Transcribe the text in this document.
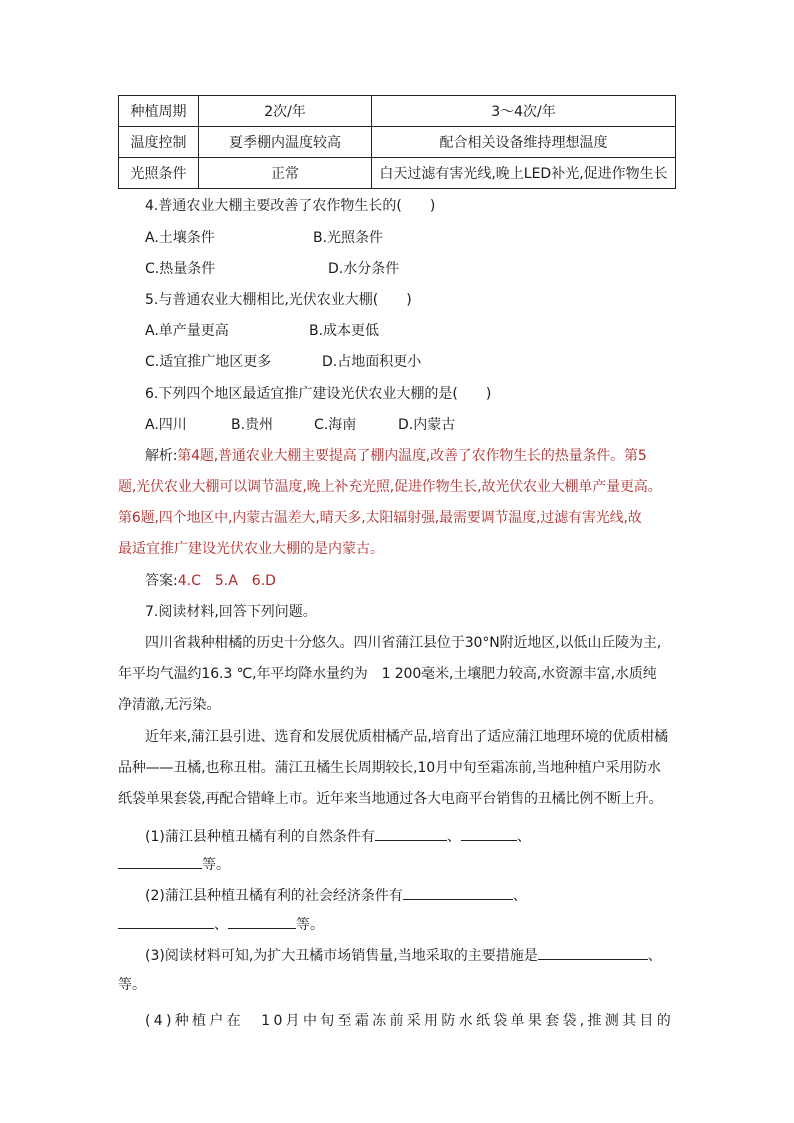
种植周期	2次/年	3～4次/年
温度控制	夏季棚内温度较高	配合相关设备维持理想温度
光照条件	正常	白天过滤有害光线,晚上LED补光,促进作物生长
4.普通农业大棚主要改善了农作物生长的(　　)
A.土壤条件	B.光照条件
C.热量条件	D.水分条件
5.与普通农业大棚相比,光伏农业大棚(　　)
A.单产量更高	B.成本更低
C.适宜推广地区更多	D.占地面积更小
6.下列四个地区最适宜推广建设光伏农业大棚的是(　　)
A.四川	B.贵州	C.海南	D.内蒙古
解析:第4题,普通农业大棚主要提高了棚内温度,改善了农作物生长的热量条件。第5
题,光伏农业大棚可以调节温度,晚上补充光照,促进作物生长,故光伏农业大棚单产量更高。
第6题,四个地区中,内蒙古温差大,晴天多,太阳辐射强,最需要调节温度,过滤有害光线,故
最适宜推广建设光伏农业大棚的是内蒙古。
答案:4.C　5.A　6.D
7.阅读材料,回答下列问题。
四川省栽种柑橘的历史十分悠久。四川省蒲江县位于30°N附近地区,以低山丘陵为主,
年平均气温约16.3 ℃,年平均降水量约为　1 200毫米,土壤肥力较高,水资源丰富,水质纯
净清澈,无污染。
近年来,蒲江县引进、选育和发展优质柑橘产品,培育出了适应蒲江地理环境的优质柑橘
品种——丑橘,也称丑柑。蒲江丑橘生长周期较长,10月中旬至霜冻前,当地种植户采用防水
纸袋单果套袋,再配合错峰上市。近年来当地通过各大电商平台销售的丑橘比例不断上升。
(1)蒲江县种植丑橘有利的自然条件有	、	、
等。
(2)蒲江县种植丑橘有利的社会经济条件有	、
、	等。
(3)阅读材料可知,为扩大丑橘市场销售量,当地采取的主要措施是	、
等。
(4)种植户在　10月中旬至霜冻前采用防水纸袋单果套袋,推测其目的
